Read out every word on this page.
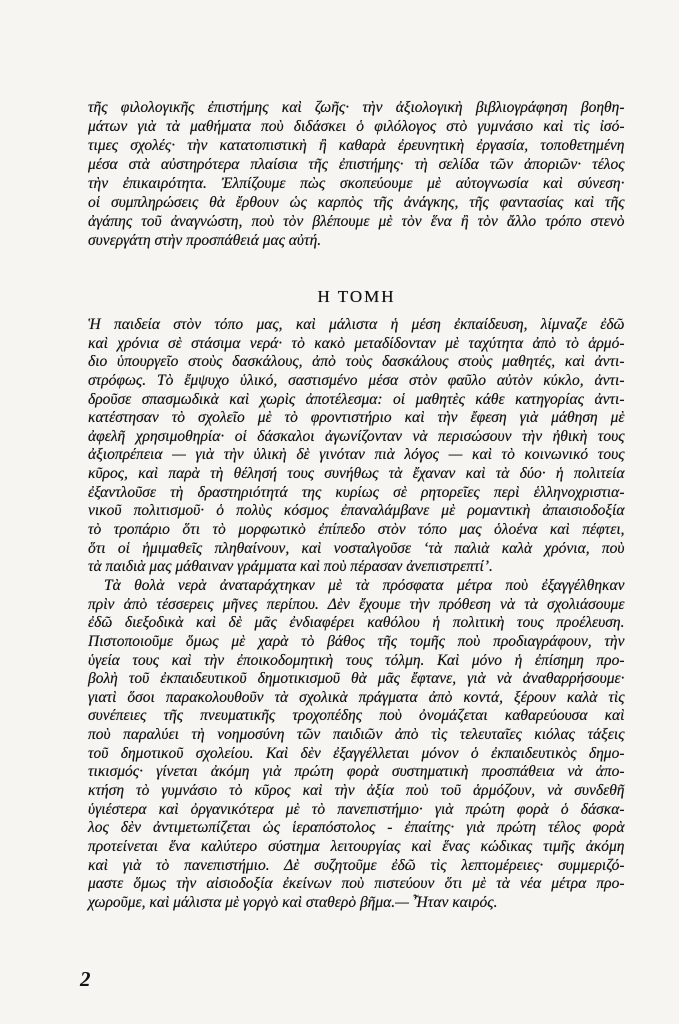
τῆς φιλολογικῆς ἐπιστήμης καὶ ζωῆς· τὴν ἀξιολογικὴ βιβλιογράφηση βοηθη-
μάτων γιὰ τὰ μαθήματα ποὺ διδάσκει ὁ φιλόλογος στὸ γυμνάσιο καὶ τὶς ἰσό-
τιμες σχολές· τὴν κατατοπιστικὴ ἢ καθαρὰ ἐρευνητικὴ ἐργασία, τοποθετημένη
μέσα στὰ αὐστηρότερα πλαίσια τῆς ἐπιστήμης· τὴ σελίδα τῶν ἀποριῶν· τέλος
τὴν ἐπικαιρότητα. Ἐλπίζουμε πὼς σκοπεύουμε μὲ αὐτογνωσία καὶ σύνεση·
οἱ συμπληρώσεις θὰ ἔρθουν ὡς καρπὸς τῆς ἀνάγκης, τῆς φαντασίας καὶ τῆς
ἀγάπης τοῦ ἀναγνώστη, ποὺ τὸν βλέπουμε μὲ τὸν ἕνα ἢ τὸν ἄλλο τρόπο στενὸ
συνεργάτη στὴν προσπάθειά μας αὐτή.
Η ΤΟΜΗ
Ἡ παιδεία στὸν τόπο μας, καὶ μάλιστα ἡ μέση ἐκπαίδευση, λίμναζε ἐδῶ
καὶ χρόνια σὲ στάσιμα νερά· τὸ κακὸ μεταδίδονταν μὲ ταχύτητα ἀπὸ τὸ ἁρμό-
διο ὑπουργεῖο στοὺς δασκάλους, ἀπὸ τοὺς δασκάλους στοὺς μαθητές, καὶ ἀντι-
στρόφως. Τὸ ἔμψυχο ὑλικό, σαστισμένο μέσα στὸν φαῦλο αὐτὸν κύκλο, ἀντι-
δροῦσε σπασμωδικὰ καὶ χωρὶς ἀποτέλεσμα: οἱ μαθητὲς κάθε κατηγορίας ἀντι-
κατέστησαν τὸ σχολεῖο μὲ τὸ φροντιστήριο καὶ τὴν ἔφεση γιὰ μάθηση μὲ
ἀφελῆ χρησιμοθηρία· οἱ δάσκαλοι ἀγωνίζονταν νὰ περισώσουν τὴν ἠθικὴ τους
ἀξιοπρέπεια — γιὰ τὴν ὑλικὴ δὲ γινόταν πιὰ λόγος — καὶ τὸ κοινωνικό τους
κῦρος, καὶ παρὰ τὴ θέλησή τους συνήθως τὰ ἔχαναν καὶ τὰ δύο· ἡ πολιτεία
ἐξαντλοῦσε τὴ δραστηριότητά της κυρίως σὲ ρητορεῖες περὶ ἑλληνοχριστια-
νικοῦ πολιτισμοῦ· ὁ πολὺς κόσμος ἐπαναλάμβανε μὲ ρομαντικὴ ἀπαισιοδοξία
τὸ τροπάριο ὅτι τὸ μορφωτικὸ ἐπίπεδο στὸν τόπο μας ὁλοένα καὶ πέφτει,
ὅτι οἱ ἡμιμαθεῖς πληθαίνουν, καὶ νοσταλγοῦσε ‘τὰ παλιὰ καλὰ χρόνια, ποὺ
τὰ παιδιὰ μας μάθαιναν γράμματα καὶ ποὺ πέρασαν ἀνεπιστρεπτί’.
Τὰ θολὰ νερὰ ἀναταράχτηκαν μὲ τὰ πρόσφατα μέτρα ποὺ ἐξαγγέλθηκαν
πρὶν ἀπὸ τέσσερεις μῆνες περίπου. Δὲν ἔχουμε τὴν πρόθεση νὰ τὰ σχολιάσουμε
ἐδῶ διεξοδικὰ καὶ δὲ μᾶς ἐνδιαφέρει καθόλου ἡ πολιτικὴ τους προέλευση.
Πιστοποιοῦμε ὅμως μὲ χαρὰ τὸ βάθος τῆς τομῆς ποὺ προδιαγράφουν, τὴν
ὑγεία τους καὶ τὴν ἐποικοδομητικὴ τους τόλμη. Καὶ μόνο ἡ ἐπίσημη προ-
βολὴ τοῦ ἐκπαιδευτικοῦ δημοτικισμοῦ θὰ μᾶς ἔφτανε, γιὰ νὰ ἀναθαρρήσουμε·
γιατὶ ὅσοι παρακολουθοῦν τὰ σχολικὰ πράγματα ἀπὸ κοντά, ξέρουν καλὰ τὶς
συνέπειες τῆς πνευματικῆς τροχοπέδης ποὺ ὀνομάζεται καθαρεύουσα καὶ
ποὺ παραλύει τὴ νοημοσύνη τῶν παιδιῶν ἀπὸ τὶς τελευταῖες κιόλας τάξεις
τοῦ δημοτικοῦ σχολείου. Καὶ δὲν ἐξαγγέλλεται μόνον ὁ ἐκπαιδευτικὸς δημο-
τικισμός· γίνεται ἀκόμη γιὰ πρώτη φορὰ συστηματικὴ προσπάθεια νὰ ἀπο-
κτήση τὸ γυμνάσιο τὸ κῦρος καὶ τὴν ἀξία ποὺ τοῦ ἁρμόζουν, νὰ συνδεθῆ
ὑγιέστερα καὶ ὀργανικότερα μὲ τὸ πανεπιστήμιο· γιὰ πρώτη φορὰ ὁ δάσκα-
λος δὲν ἀντιμετωπίζεται ὡς ἱεραπόστολος - ἐπαίτης· γιὰ πρώτη τέλος φορὰ
προτείνεται ἕνα καλύτερο σύστημα λειτουργίας καὶ ἕνας κώδικας τιμῆς ἀκόμη
καὶ γιὰ τὸ πανεπιστήμιο. Δὲ συζητοῦμε ἐδῶ τὶς λεπτομέρειες· συμμεριζό-
μαστε ὅμως τὴν αἰσιοδοξία ἐκείνων ποὺ πιστεύουν ὅτι μὲ τὰ νέα μέτρα προ-
χωροῦμε, καὶ μάλιστα μὲ γοργὸ καὶ σταθερὸ βῆμα.— Ἦταν καιρός.
2
